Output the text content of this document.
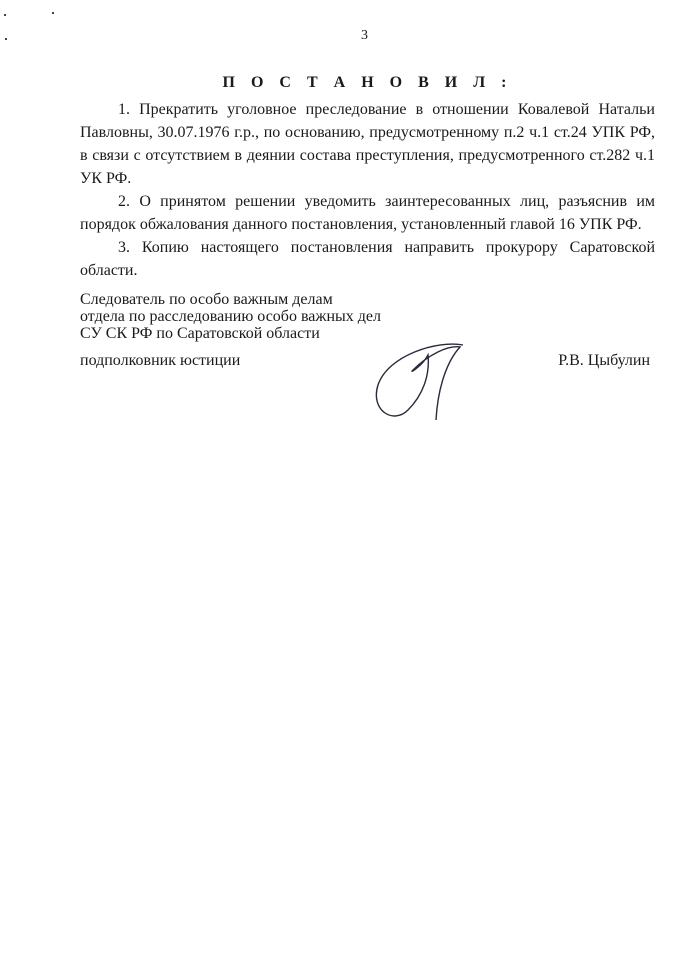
3
П О С Т А Н О В И Л :

1. Прекратить уголовное преследование в отношении Ковалевой Натальи Павловны, 30.07.1976 г.р., по основанию, предусмотренному п.2 ч.1 ст.24 УПК РФ, в связи с отсутствием в деянии состава преступления, предусмотренного ст.282 ч.1 УК РФ.

2. О принятом решении уведомить заинтересованных лиц, разъяснив им порядок обжалования данного постановления, установленный главой 16 УПК РФ.

3. Копию настоящего постановления направить прокурору Саратовской области.

Следователь по особо важным делам
отдела по расследованию особо важных дел
СУ СК РФ по Саратовской области
подполковник юстиции	Р.В. Цыбулин
